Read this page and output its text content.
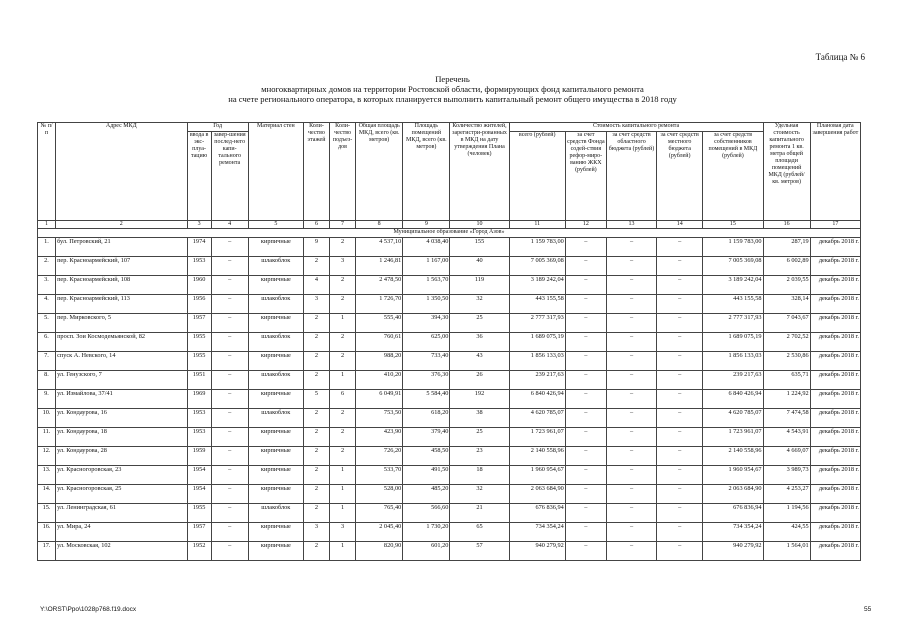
Таблица № 6
Перечень
многоквартирных домов на территории Ростовской области, формирующих фонд капитального ремонта
на счете регионального оператора, в которых планируется выполнить капитальный ремонт общего имущества в 2018 году
№ п/п	Адрес МКД	Год		Материал стен	Коли-чество этажей	Коли-чество подъез-дов	Общая площадь МКД, всего (кв. метров)	Площадь помещений МКД, всего (кв. метров)	Количество жителей, зарегистри-рованных в МКД на дату утверждения Плана (человек)	Стоимость капитального ремонта					Удельная стоимость капитального ремонта 1 кв. метра общей площади помещений МКД (рублей/ кв. метров)	Плановая дата завершения работ
		ввода в экс-плуа-тацию	завер-шения послед-него капи-тального ремонта							всего (рублей)	за счет средств Фонда содей-ствия рефор-миро-ванию ЖКХ (рублей)	за счет средств областного бюджета (рублей)	за счет средств местного бюджета (рублей)	за счет средств собственников помещений в МКД (рублей)		
1	2	3	4	5	6	7	8	9	10	11	12	13	14	15	16	17
Муниципальное образование «Город Азов»																
1.	бул. Петровский, 21	1974	–	кирпичные	9	2	4 537,10	4 038,40	155	1 159 783,00	–	–	–	1 159 783,00	287,19	декабрь 2018 г.
2.	пер. Красноармейский, 107	1953	–	шлакоблок	2	3	1 246,81	1 167,00	40	7 005 369,08	–	–	–	7 005 369,08	6 002,89	декабрь 2018 г.
3.	пер. Красноармейский, 108	1960	–	кирпичные	4	2	2 478,50	1 563,70	119	3 189 242,04	–	–	–	3 189 242,04	2 039,55	декабрь 2018 г.
4.	пер. Красноармейский, 113	1956	–	шлакоблок	3	2	1 726,70	1 350,50	32	443 155,58	–	–	–	443 155,58	328,14	декабрь 2018 г.
5.	пер. Мирковского, 5	1957	–	кирпичные	2	1	555,40	394,30	25	2 777 317,93	–	–	–	2 777 317,93	7 043,67	декабрь 2018 г.
6.	просп. Зои Космодемьянской, 82	1955	–	шлакоблок	2	2	760,61	625,00	36	1 689 075,19	–	–	–	1 689 075,19	2 702,52	декабрь 2018 г.
7.	спуск А. Невского, 14	1955	–	кирпичные	2	2	988,20	733,40	43	1 856 133,03	–	–	–	1 856 133,03	2 530,86	декабрь 2018 г.
8.	ул. Генузского, 7	1951	–	шлакоблок	2	1	410,20	376,30	26	239 217,63	–	–	–	239 217,63	635,71	декабрь 2018 г.
9.	ул. Измайлова, 37/41	1969	–	кирпичные	5	6	6 049,91	5 584,40	192	6 840 426,94	–	–	–	6 840 426,94	1 224,92	декабрь 2018 г.
10.	ул. Кондаурова, 16	1953	–	шлакоблок	2	2	753,50	618,20	38	4 620 785,07	–	–	–	4 620 785,07	7 474,58	декабрь 2018 г.
11.	ул. Кондаурова, 18	1953	–	кирпичные	2	2	423,90	379,40	25	1 723 961,07	–	–	–	1 723 961,07	4 543,91	декабрь 2018 г.
12.	ул. Кондаурова, 28	1959	–	кирпичные	2	2	726,20	458,50	23	2 140 558,96	–	–	–	2 140 558,96	4 669,07	декабрь 2018 г.
13.	ул. Красногоровская, 23	1954	–	кирпичные	2	1	533,70	491,50	18	1 960 954,67	–	–	–	1 960 954,67	3 989,73	декабрь 2018 г.
14.	ул. Красногоровская, 25	1954	–	кирпичные	2	1	528,00	485,20	32	2 063 684,90	–	–	–	2 063 684,90	4 253,27	декабрь 2018 г.
15.	ул. Ленинградская, 61	1955	–	шлакоблок	2	1	765,40	566,60	21	676 836,94	–	–	–	676 836,94	1 194,56	декабрь 2018 г.
16.	ул. Мира, 24	1957	–	кирпичные	3	3	2 045,40	1 730,20	65	734 354,24	–	–	–	734 354,24	424,55	декабрь 2018 г.
17.	ул. Московская, 102	1952	–	кирпичные	2	1	820,90	601,20	57	940 279,92	–	–	–	940 279,92	1 564,01	декабрь 2018 г.
Y:\ORST\Ppo\1028p768.f19.docx	55
